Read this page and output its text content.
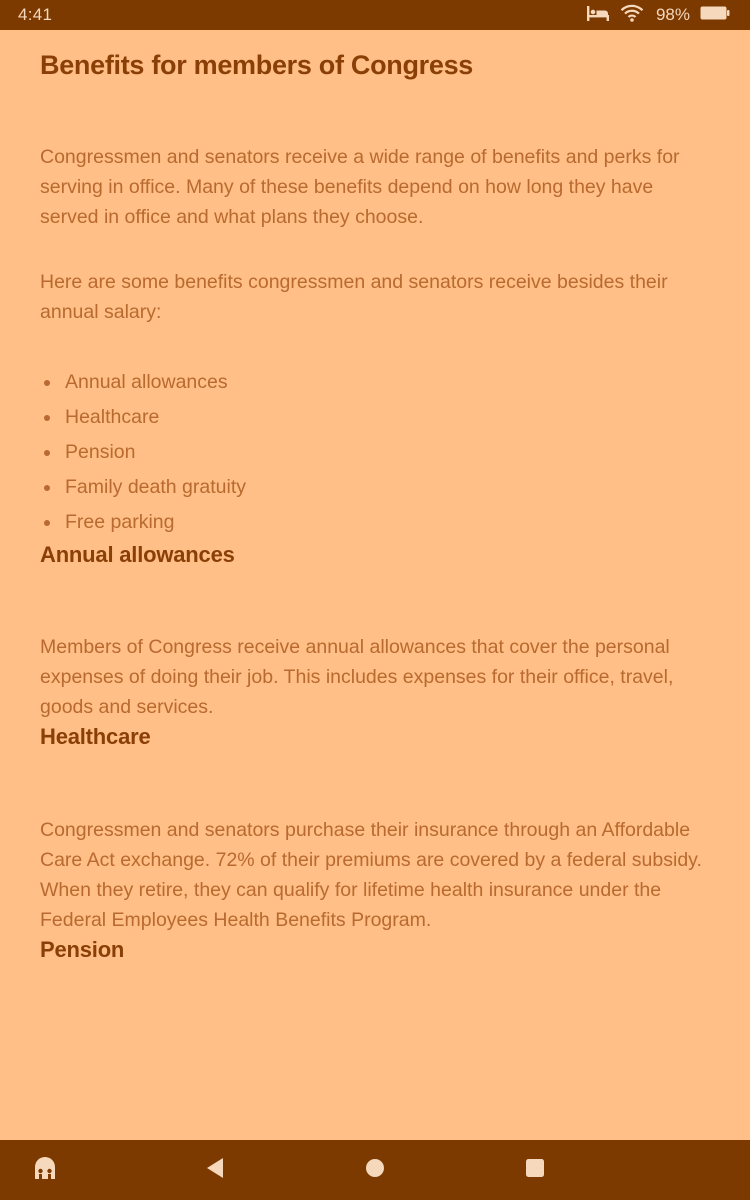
4:41	98%
Benefits for members of Congress

Congressmen and senators receive a wide range of benefits and perks for serving in office. Many of these benefits depend on how long they have served in office and what plans they choose.

Here are some benefits congressmen and senators receive besides their annual salary:

Annual allowances
Healthcare
Pension
Family death gratuity
Free parking
Annual allowances

Members of Congress receive annual allowances that cover the personal expenses of doing their job. This includes expenses for their office, travel, goods and services.

Healthcare

Congressmen and senators purchase their insurance through an Affordable Care Act exchange. 72% of their premiums are covered by a federal subsidy. When they retire, they can qualify for lifetime health insurance under the Federal Employees Health Benefits Program.

Pension
